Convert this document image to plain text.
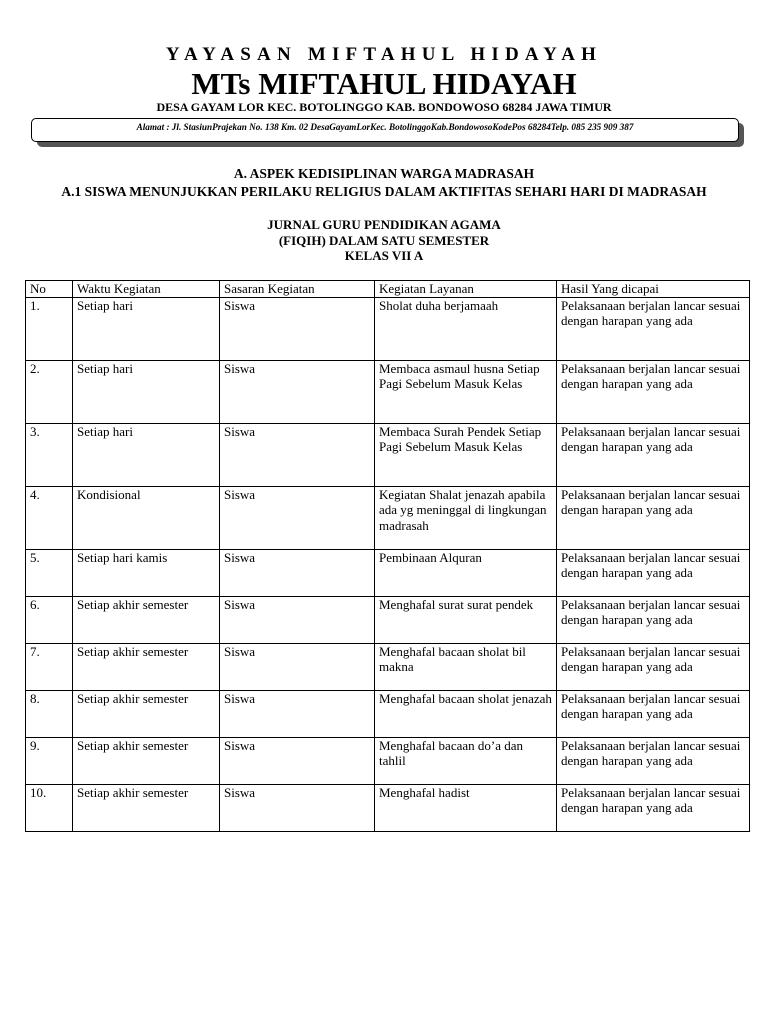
YAYASAN MIFTAHUL HIDAYAH
MTs MIFTAHUL HIDAYAH
DESA GAYAM LOR KEC. BOTOLINGGO KAB. BONDOWOSO 68284 JAWA TIMUR
Alamat : Jl. StasiunPrajekan No. 138 Km. 02 DesaGayamLorKec. BotolinggoKab.BondowosoKodePos 68284Telp. 085 235 909 387
A. ASPEK KEDISIPLINAN WARGA MADRASAH
A.1 SISWA MENUNJUKKAN PERILAKU RELIGIUS DALAM AKTIFITAS SEHARI HARI DI MADRASAH
JURNAL GURU PENDIDIKAN AGAMA
(FIQIH) DALAM SATU SEMESTER
KELAS VII A
No	Waktu Kegiatan	Sasaran Kegiatan	Kegiatan Layanan	Hasil Yang dicapai
1.	Setiap hari	Siswa	Sholat duha berjamaah	Pelaksanaan berjalan lancar sesuai dengan harapan yang ada
2.	Setiap hari	Siswa	Membaca asmaul husna Setiap Pagi Sebelum Masuk Kelas	Pelaksanaan berjalan lancar sesuai dengan harapan yang ada
3.	Setiap hari	Siswa	Membaca Surah Pendek Setiap Pagi Sebelum Masuk Kelas	Pelaksanaan berjalan lancar sesuai dengan harapan yang ada
4.	Kondisional	Siswa	Kegiatan Shalat jenazah apabila ada yg meninggal di lingkungan madrasah	Pelaksanaan berjalan lancar sesuai dengan harapan yang ada
5.	Setiap hari kamis	Siswa	Pembinaan Alquran	Pelaksanaan berjalan lancar sesuai dengan harapan yang ada
6.	Setiap akhir semester	Siswa	Menghafal surat surat pendek	Pelaksanaan berjalan lancar sesuai dengan harapan yang ada
7.	Setiap akhir semester	Siswa	Menghafal bacaan sholat bil makna	Pelaksanaan berjalan lancar sesuai dengan harapan yang ada
8.	Setiap akhir semester	Siswa	Menghafal bacaan sholat jenazah	Pelaksanaan berjalan lancar sesuai dengan harapan yang ada
9.	Setiap akhir semester	Siswa	Menghafal bacaan do’a dan tahlil	Pelaksanaan berjalan lancar sesuai dengan harapan yang ada
10.	Setiap akhir semester	Siswa	Menghafal hadist	Pelaksanaan berjalan lancar sesuai dengan harapan yang ada
